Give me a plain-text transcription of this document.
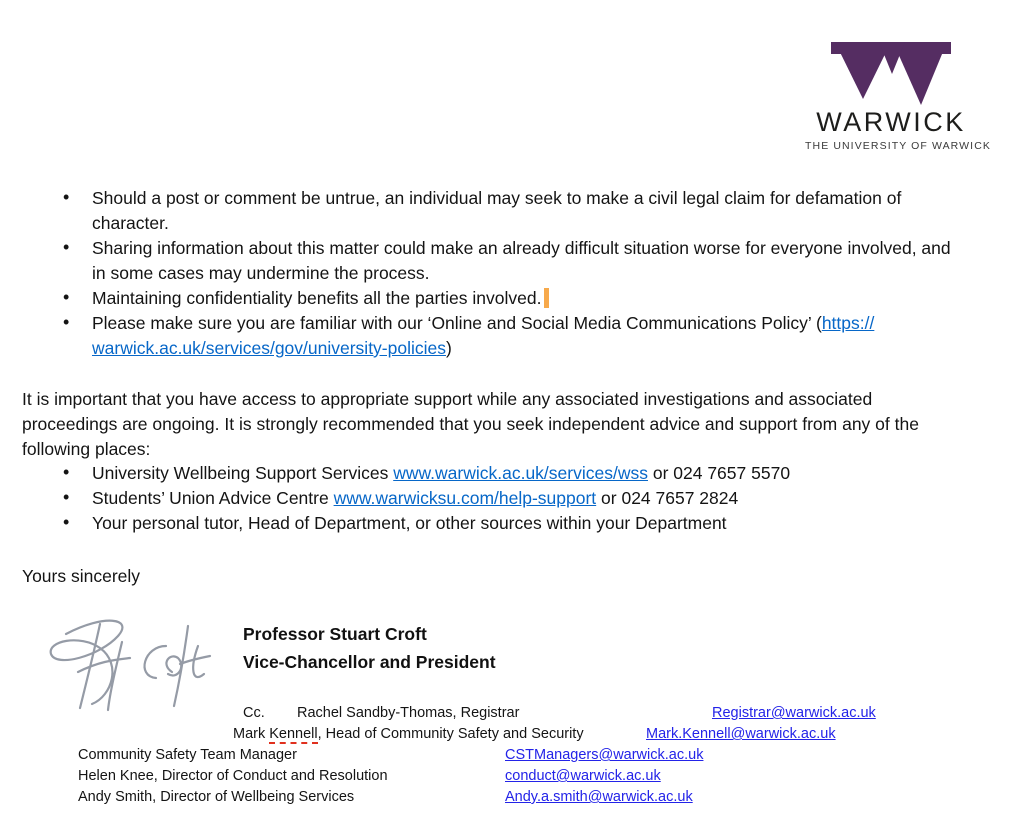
WARWICK
THE UNIVERSITY OF WARWICK
• Should a post or comment be untrue, an individual may seek to make a civil legal claim for defamation of character.
• Sharing information about this matter could make an already difficult situation worse for everyone involved, and in some cases may undermine the process.
• Maintaining confidentiality benefits all the parties involved.
• Please make sure you are familiar with our ‘Online and Social Media Communications Policy’ (https://
warwick.ac.uk/services/gov/university-policies)

It is important that you have access to appropriate support while any associated investigations and associated proceedings are ongoing. It is strongly recommended that you seek independent advice and support from any of the following places:

• University Wellbeing Support Services www.warwick.ac.uk/services/wss or 024 7657 5570
• Students’ Union Advice Centre www.warwicksu.com/help-support or 024 7657 2824
• Your personal tutor, Head of Department, or other sources within your Department

Yours sincerely

Professor Stuart Croft
Vice-Chancellor and President
Cc. Rachel Sandby-Thomas, Registrar	Registrar@warwick.ac.uk
Mark Kennell, Head of Community Safety and Security	Mark.Kennell@warwick.ac.uk
Community Safety Team Manager	CSTManagers@warwick.ac.uk
Helen Knee, Director of Conduct and Resolution	conduct@warwick.ac.uk
Andy Smith, Director of Wellbeing Services	Andy.a.smith@warwick.ac.uk
